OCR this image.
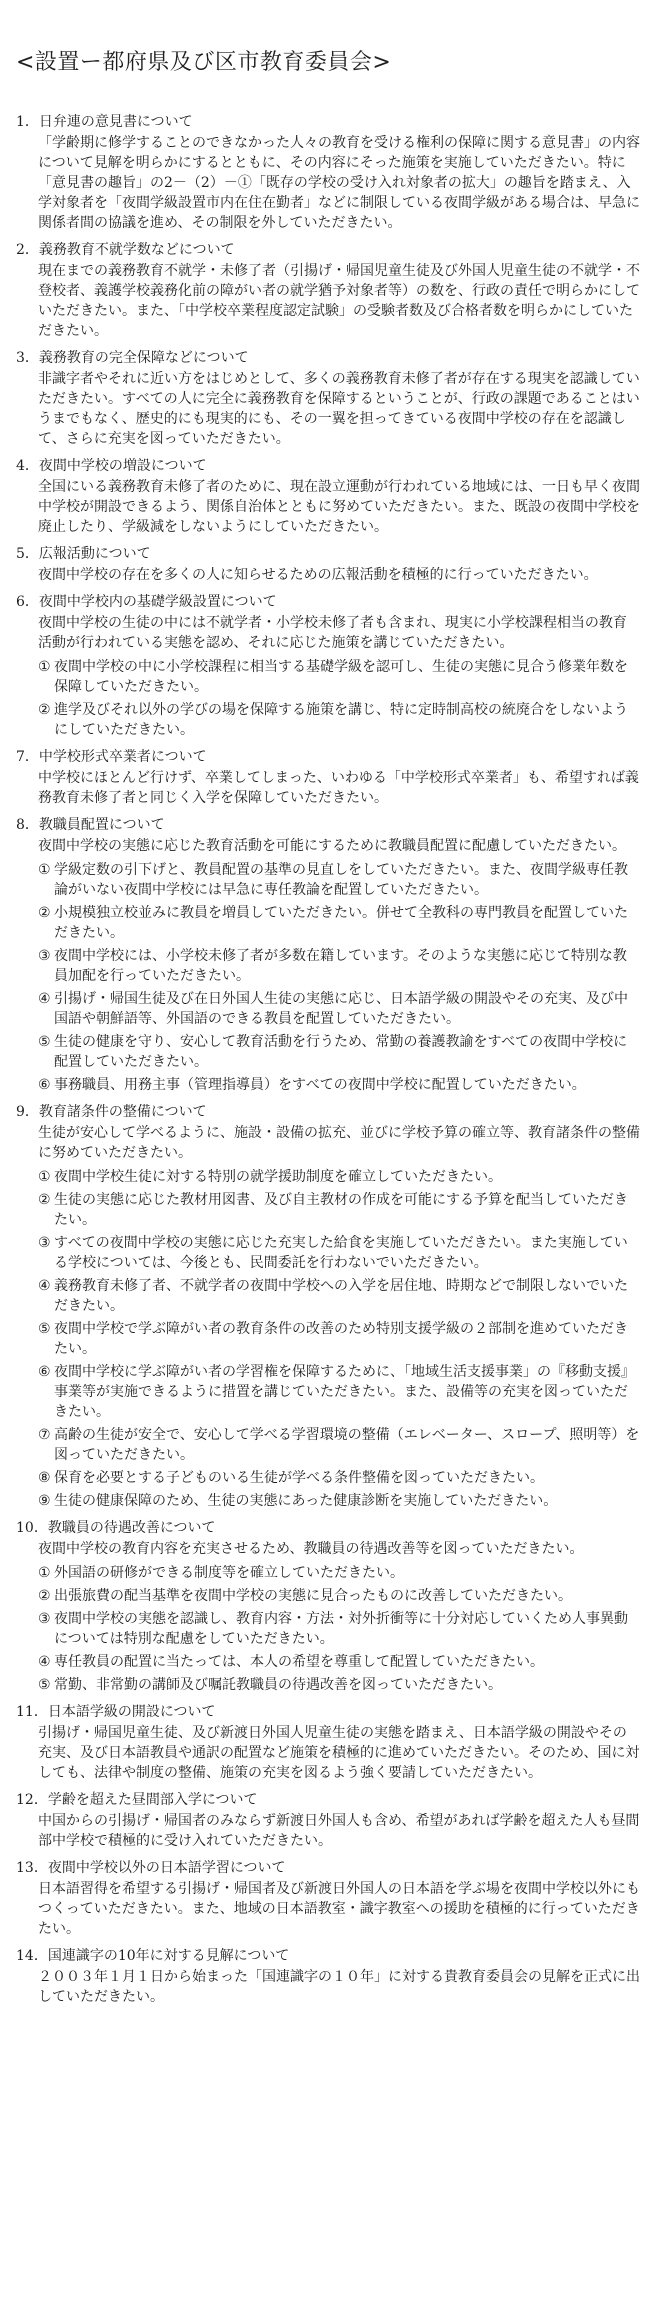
<設置ー都府県及び区市教育委員会>
1．日弁連の意見書について
「学齢期に修学することのできなかった人々の教育を受ける権利の保障に関する意見書」の内容について見解を明らかにするとともに、その内容にそった施策を実施していただきたい。特に「意見書の趣旨」の2－（2）－①「既存の学校の受け入れ対象者の拡大」の趣旨を踏まえ、入学対象者を「夜間学級設置市内在住在勤者」などに制限している夜間学級がある場合は、早急に関係者間の協議を進め、その制限を外していただきたい。
2．義務教育不就学数などについて
現在までの義務教育不就学・未修了者（引揚げ・帰国児童生徒及び外国人児童生徒の不就学・不登校者、義護学校義務化前の障がい者の就学猶予対象者等）の数を、行政の責任で明らかにしていただきたい。また、「中学校卒業程度認定試験」の受験者数及び合格者数を明らかにしていただきたい。
3．義務教育の完全保障などについて
非識字者やそれに近い方をはじめとして、多くの義務教育未修了者が存在する現実を認識していただきたい。すべての人に完全に義務教育を保障するということが、行政の課題であることはいうまでもなく、歴史的にも現実的にも、その一翼を担ってきている夜間中学校の存在を認識して、さらに充実を図っていただきたい。
4．夜間中学校の増設について
全国にいる義務教育未修了者のために、現在設立運動が行われている地域には、一日も早く夜間中学校が開設できるよう、関係自治体とともに努めていただきたい。また、既設の夜間中学校を廃止したり、学級減をしないようにしていただきたい。
5．広報活動について
夜間中学校の存在を多くの人に知らせるための広報活動を積極的に行っていただきたい。
6．夜間中学校内の基礎学級設置について
夜間中学校の生徒の中には不就学者・小学校未修了者も含まれ、現実に小学校課程相当の教育活動が行われている実態を認め、それに応じた施策を講じていただきたい。
① 夜間中学校の中に小学校課程に相当する基礎学級を認可し、生徒の実態に見合う修業年数を保障していただきたい。
② 進学及びそれ以外の学びの場を保障する施策を講じ、特に定時制高校の統廃合をしないようにしていただきたい。
7．中学校形式卒業者について
中学校にほとんど行けず、卒業してしまった、いわゆる「中学校形式卒業者」も、希望すれば義務教育未修了者と同じく入学を保障していただきたい。
8．教職員配置について
夜間中学校の実態に応じた教育活動を可能にするために教職員配置に配慮していただきたい。
① 学級定数の引下げと、教員配置の基準の見直しをしていただきたい。また、夜間学級専任教論がいない夜間中学校には早急に専任教論を配置していただきたい。
② 小規模独立校並みに教員を増員していただきたい。併せて全教科の専門教員を配置していただきたい。
③ 夜間中学校には、小学校未修了者が多数在籍しています。そのような実態に応じて特別な教員加配を行っていただきたい。
④ 引揚げ・帰国生徒及び在日外国人生徒の実態に応じ、日本語学級の開設やその充実、及び中国語や朝鮮語等、外国語のできる教員を配置していただきたい。
⑤ 生徒の健康を守り、安心して教育活動を行うため、常勤の養護教諭をすべての夜間中学校に配置していただきたい。
⑥ 事務職員、用務主事（管理指導員）をすべての夜間中学校に配置していただきたい。
9．教育諸条件の整備について
生徒が安心して学べるように、施設・設備の拡充、並びに学校予算の確立等、教育諸条件の整備に努めていただきたい。
① 夜間中学校生徒に対する特別の就学援助制度を確立していただきたい。
② 生徒の実態に応じた教材用図書、及び自主教材の作成を可能にする予算を配当していただきたい。
③ すべての夜間中学校の実態に応じた充実した給食を実施していただきたい。また実施している学校については、今後とも、民間委託を行わないでいただきたい。
④ 義務教育未修了者、不就学者の夜間中学校への入学を居住地、時期などで制限しないでいただきたい。
⑤ 夜間中学校で学ぶ障がい者の教育条件の改善のため特別支援学級の２部制を進めていただきたい。
⑥ 夜間中学校に学ぶ障がい者の学習権を保障するために、「地域生活支援事業」の『移動支援』事業等が実施できるように措置を講じていただきたい。また、設備等の充実を図っていただきたい。
⑦ 高齢の生徒が安全で、安心して学べる学習環境の整備（エレベーター、スロープ、照明等）を図っていただきたい。
⑧ 保育を必要とする子どものいる生徒が学べる条件整備を図っていただきたい。
⑨ 生徒の健康保障のため、生徒の実態にあった健康診断を実施していただきたい。
10．教職員の待遇改善について
夜間中学校の教育内容を充実させるため、教職員の待遇改善等を図っていただきたい。
① 外国語の研修ができる制度等を確立していただきたい。
② 出張旅費の配当基準を夜間中学校の実態に見合ったものに改善していただきたい。
③ 夜間中学校の実態を認識し、教育内容・方法・対外折衝等に十分対応していくため人事異動については特別な配慮をしていただきたい。
④ 専任教員の配置に当たっては、本人の希望を尊重して配置していただきたい。
⑤ 常勤、非常勤の講師及び嘱託教職員の待遇改善を図っていただきたい。
11．日本語学級の開設について
引揚げ・帰国児童生徒、及び新渡日外国人児童生徒の実態を踏まえ、日本語学級の開設やその充実、及び日本語教員や通訳の配置など施策を積極的に進めていただきたい。そのため、国に対しても、法律や制度の整備、施策の充実を図るよう強く要請していただきたい。
12．学齢を超えた昼間部入学について
中国からの引揚げ・帰国者のみならず新渡日外国人も含め、希望があれば学齢を超えた人も昼間部中学校で積極的に受け入れていただきたい。
13．夜間中学校以外の日本語学習について
日本語習得を希望する引揚げ・帰国者及び新渡日外国人の日本語を学ぶ場を夜間中学校以外にもつくっていただきたい。また、地域の日本語教室・識字教室への援助を積極的に行っていただきたい。
14．国連識字の10年に対する見解について
２００３年１月１日から始まった「国連識字の１０年」に対する貴教育委員会の見解を正式に出していただきたい。
